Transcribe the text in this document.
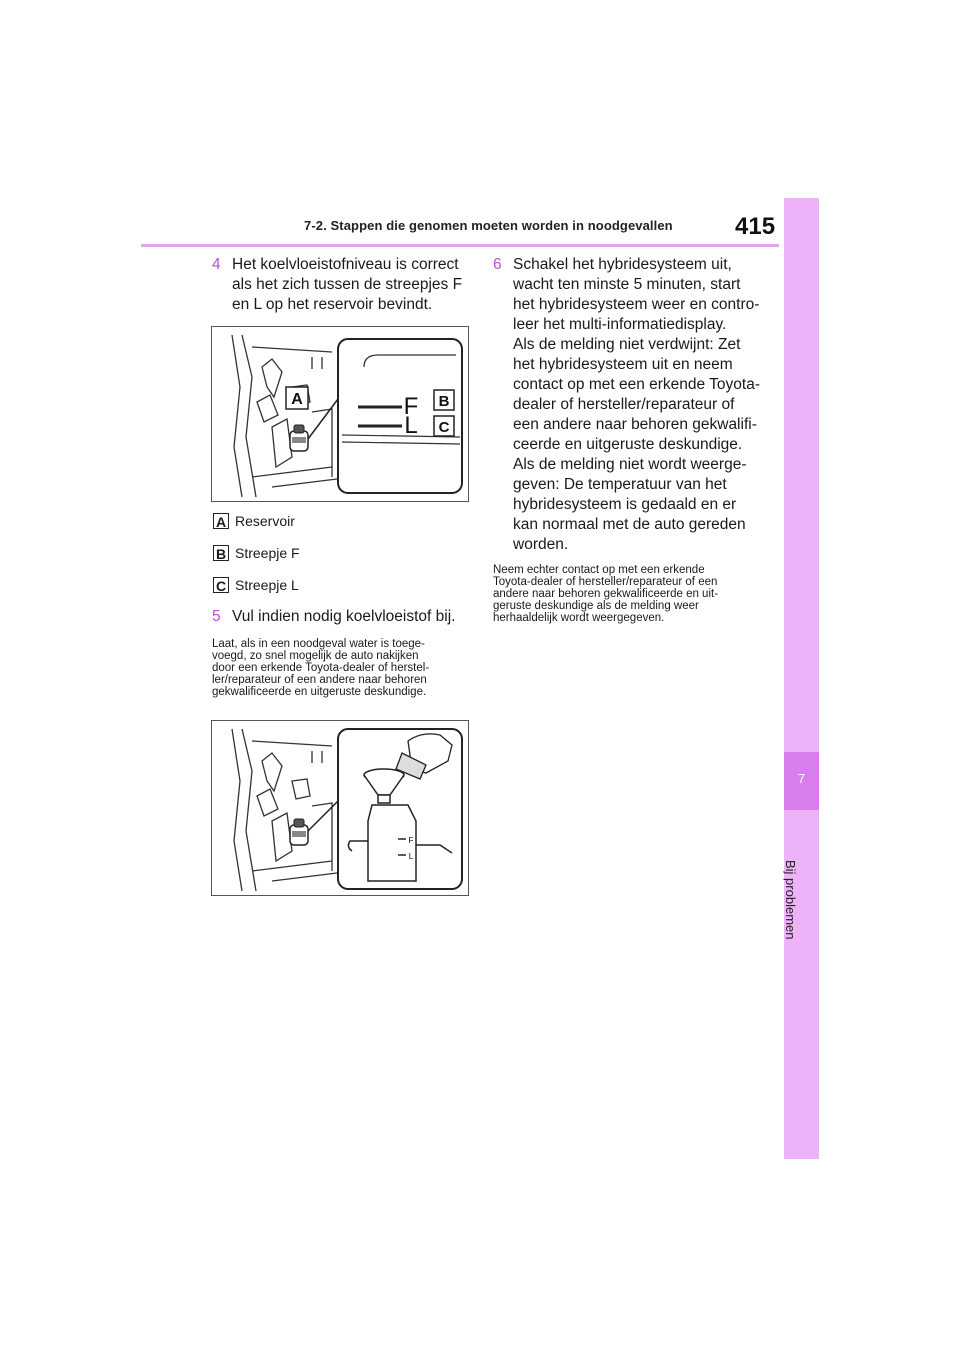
7-2. Stappen die genomen moeten worden in noodgevallen	415
7
Bij problemen
4 Het koelvloeistofniveau is correct
als het zich tussen de streepjes F
en L op het reservoir bevindt.
A	B
C
F
L
A Reservoir
B Streepje F
C Streepje L
5 Vul indien nodig koelvloeistof bij.
Laat, als in een noodgeval water is toege-
voegd, zo snel mogelijk de auto nakijken
door een erkende Toyota-dealer of herstel-
ler/reparateur of een andere naar behoren
gekwalificeerde en uitgeruste deskundige.
F
L
6 Schakel het hybridesysteem uit,
wacht ten minste 5 minuten, start
het hybridesysteem weer en contro-
leer het multi-informatiedisplay.
Als de melding niet verdwijnt: Zet
het hybridesysteem uit en neem
contact op met een erkende Toyota-
dealer of hersteller/reparateur of
een andere naar behoren gekwalifi-
ceerde en uitgeruste deskundige.
Als de melding niet wordt weerge-
geven: De temperatuur van het
hybridesysteem is gedaald en er
kan normaal met de auto gereden
worden.
Neem echter contact op met een erkende
Toyota-dealer of hersteller/reparateur of een
andere naar behoren gekwalificeerde en uit-
geruste deskundige als de melding weer
herhaaldelijk wordt weergegeven.
